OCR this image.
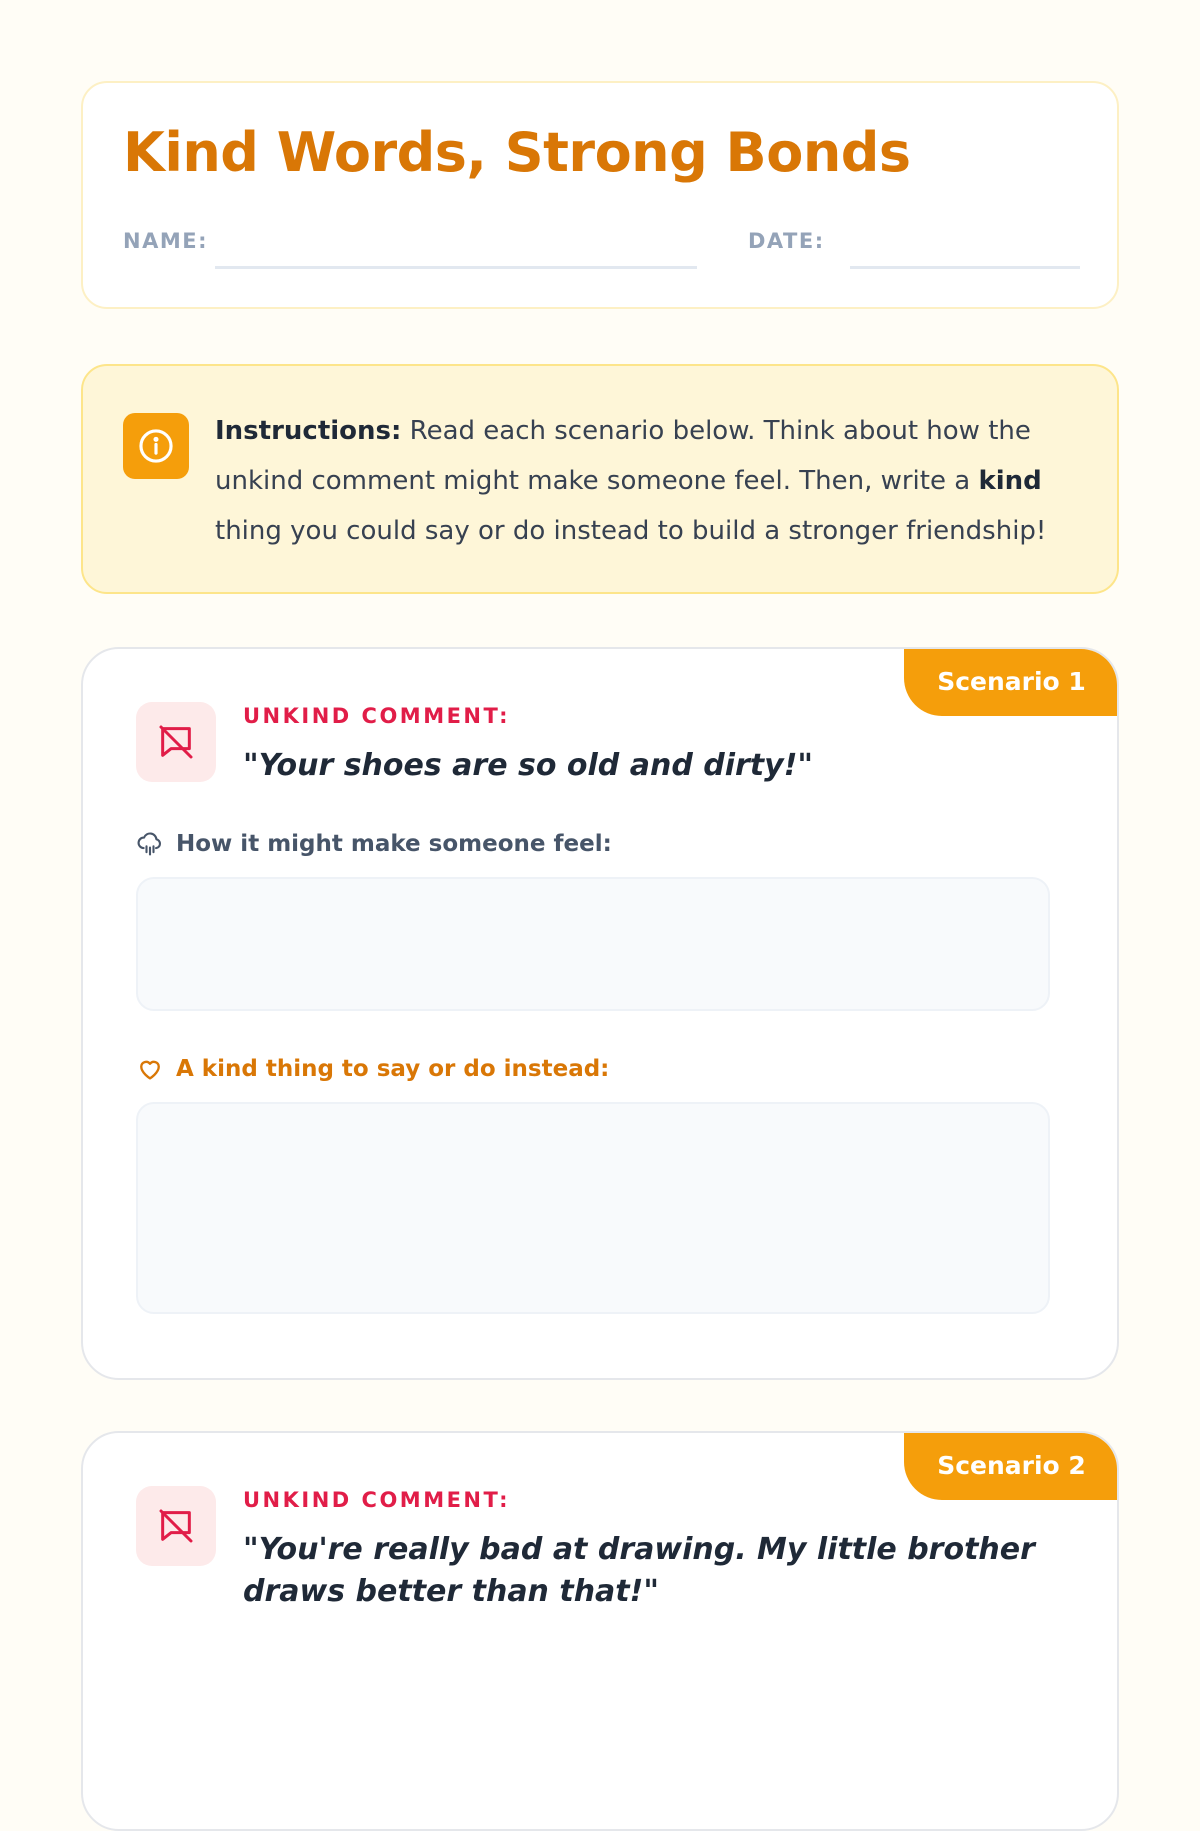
Kind Words, Strong Bonds
NAME:	DATE:

Instructions: Read each scenario below. Think about how the unkind comment might make someone feel. Then, write a kind thing you could say or do instead to build a stronger friendship!

Scenario 1
UNKIND COMMENT:

"Your shoes are so old and dirty!"

How it might make someone feel:
A kind thing to say or do instead:
Scenario 2
UNKIND COMMENT:

"You're really bad at drawing. My little brother draws better than that!"
